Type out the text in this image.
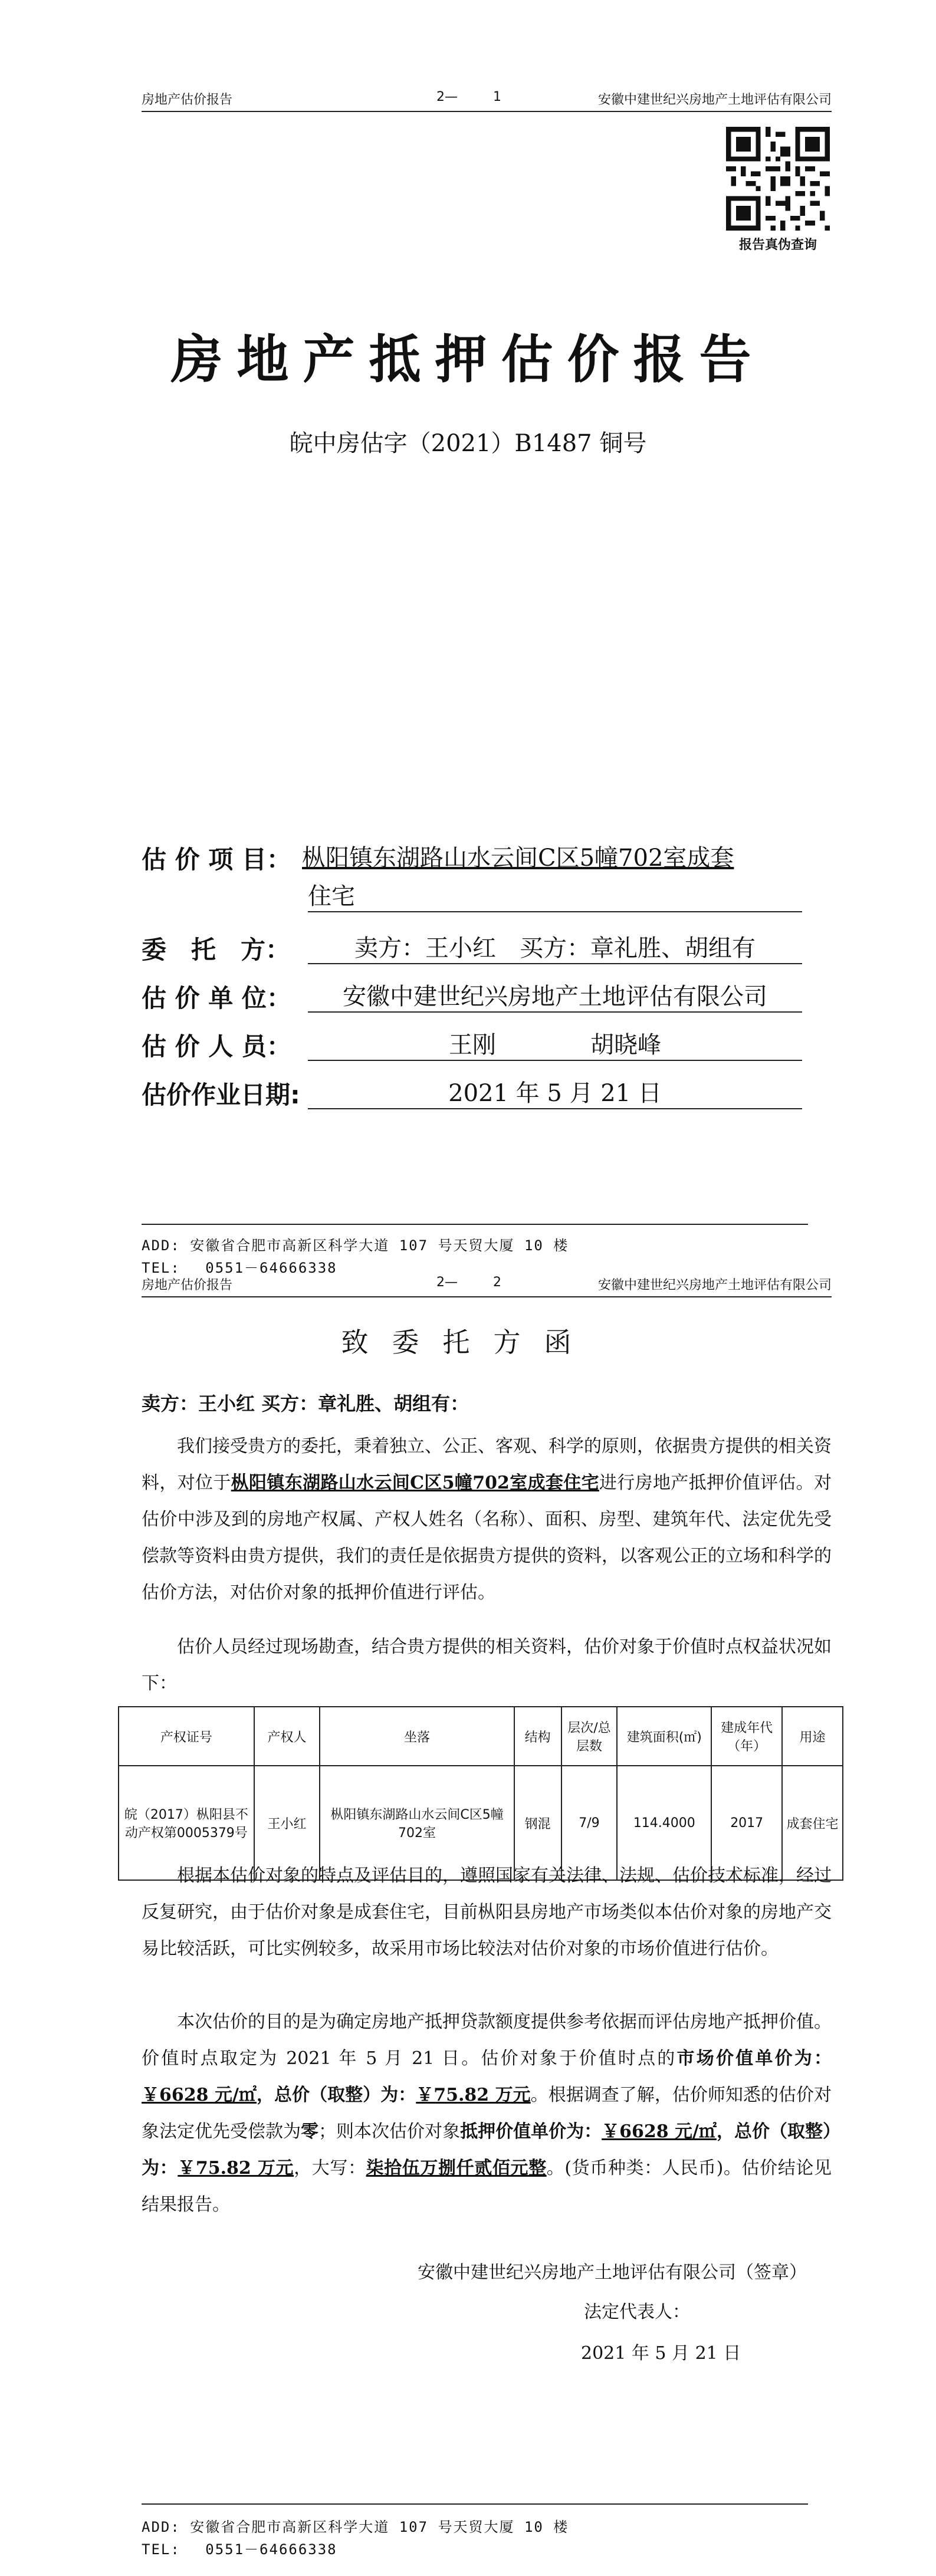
房地产估价报告	2—	1	安徽中建世纪兴房地产土地评估有限公司
报告真伪查询
房地产抵押估价报告
皖中房估字（2021）B1487 铜号
估 价 项 目： 枞阳镇东湖路山水云间C区5幢702室成套
住宅
委　托　方：	卖方：王小红　买方：章礼胜、胡组有
估 价 单 位：	安徽中建世纪兴房地产土地评估有限公司
估 价 人 员：	王刚　　　　胡晓峰
估价作业日期:	2021 年 5 月 21 日
ADD: 安徽省合肥市高新区科学大道 107 号天贸大厦 10 楼
TEL:　 0551－64666338
房地产估价报告	2—	2	安徽中建世纪兴房地产土地评估有限公司
致委托方函
卖方：王小红 买方：章礼胜、胡组有：
我们接受贵方的委托，秉着独立、公正、客观、科学的原则，依据贵方提供的相关资料，对位于枞阳镇东湖路山水云间C区5幢702室成套住宅进行房地产抵押价值评估。对估价中涉及到的房地产权属、产权人姓名（名称）、面积、房型、建筑年代、法定优先受偿款等资料由贵方提供，我们的责任是依据贵方提供的资料，以客观公正的立场和科学的估价方法，对估价对象的抵押价值进行评估。
估价人员经过现场勘查，结合贵方提供的相关资料，估价对象于价值时点权益状况如下：
产权证号	产权人	坐落	结构	层次/总层数	建筑面积(㎡)	建成年代（年）	用途
皖（2017）枞阳县不动产权第0005379号	王小红	枞阳镇东湖路山水云间C区5幢702室	钢混	7/9	114.4000	2017	成套住宅
根据本估价对象的特点及评估目的，遵照国家有关法律、法规、估价技术标准，经过反复研究，由于估价对象是成套住宅，目前枞阳县房地产市场类似本估价对象的房地产交易比较活跃，可比实例较多，故采用市场比较法对估价对象的市场价值进行估价。
本次估价的目的是为确定房地产抵押贷款额度提供参考依据而评估房地产抵押价值。价值时点取定为 2021 年 5 月 21 日。估价对象于价值时点的市场价值单价为：￥6628 元/㎡，总价（取整）为：￥75.82 万元。根据调查了解，估价师知悉的估价对象法定优先受偿款为零；则本次估价对象抵押价值单价为：￥6628 元/㎡，总价（取整）为：￥75.82 万元，大写：柒拾伍万捌仟贰佰元整。(货币种类：人民币)。估价结论见结果报告。
安徽中建世纪兴房地产土地评估有限公司（签章）
法定代表人：
2021 年 5 月 21 日
ADD: 安徽省合肥市高新区科学大道 107 号天贸大厦 10 楼
TEL:　 0551－64666338
